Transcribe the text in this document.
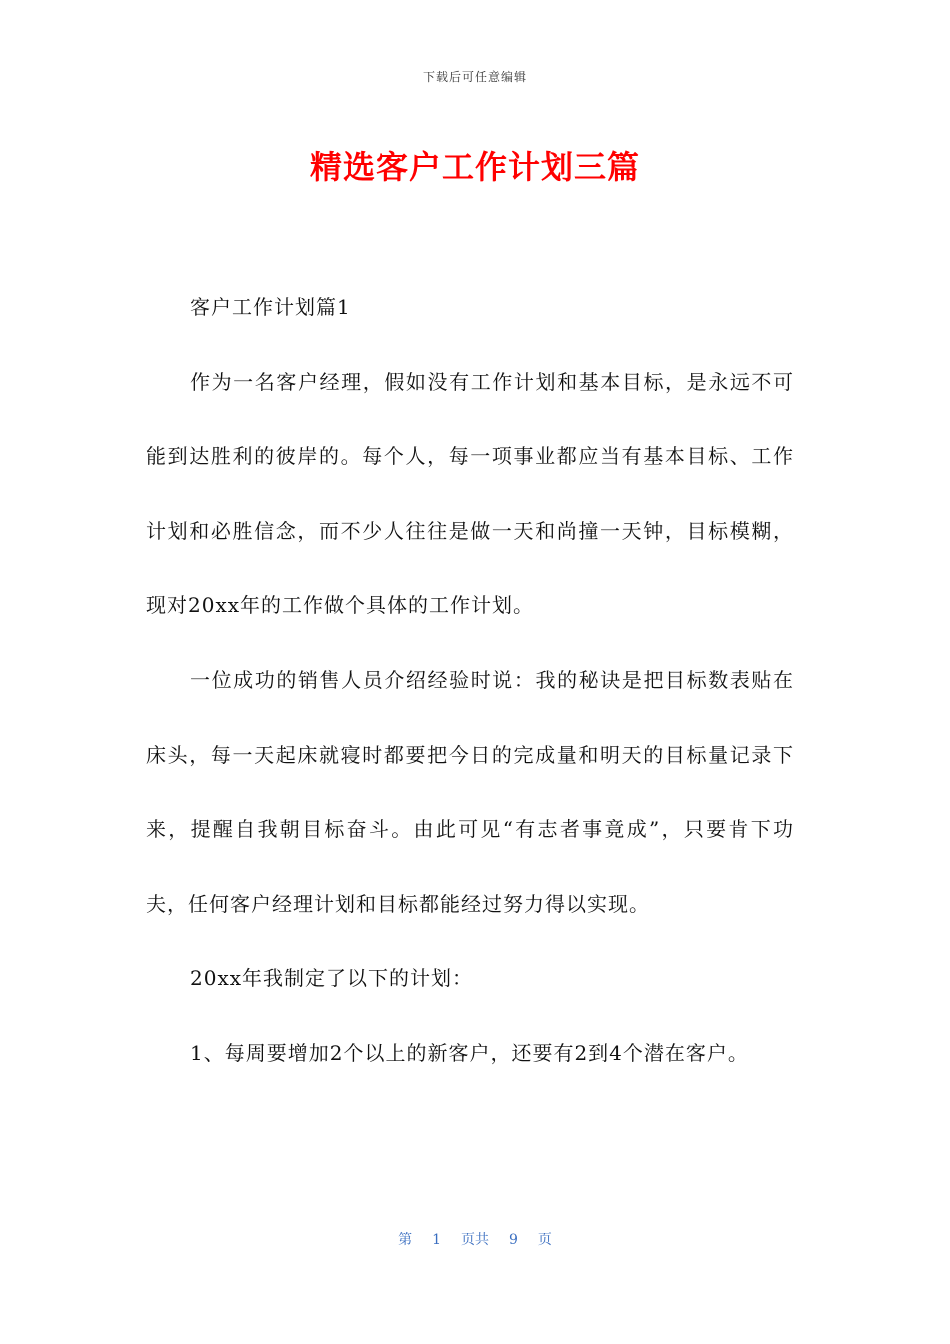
下载后可任意编辑
精选客户工作计划三篇

客户工作计划篇1

作为一名客户经理，假如没有工作计划和基本目标，是永远不可能到达胜利的彼岸的。每个人，每一项事业都应当有基本目标、工作计划和必胜信念，而不少人往往是做一天和尚撞一天钟，目标模糊，现对20xx年的工作做个具体的工作计划。

一位成功的销售人员介绍经验时说：我的秘诀是把目标数表贴在床头，每一天起床就寝时都要把今日的完成量和明天的目标量记录下来，提醒自我朝目标奋斗。由此可见“有志者事竟成”，只要肯下功夫，任何客户经理计划和目标都能经过努力得以实现。

20xx年我制定了以下的计划：

1、每周要增加2个以上的新客户，还要有2到4个潜在客户。

第 1 页共 9 页
